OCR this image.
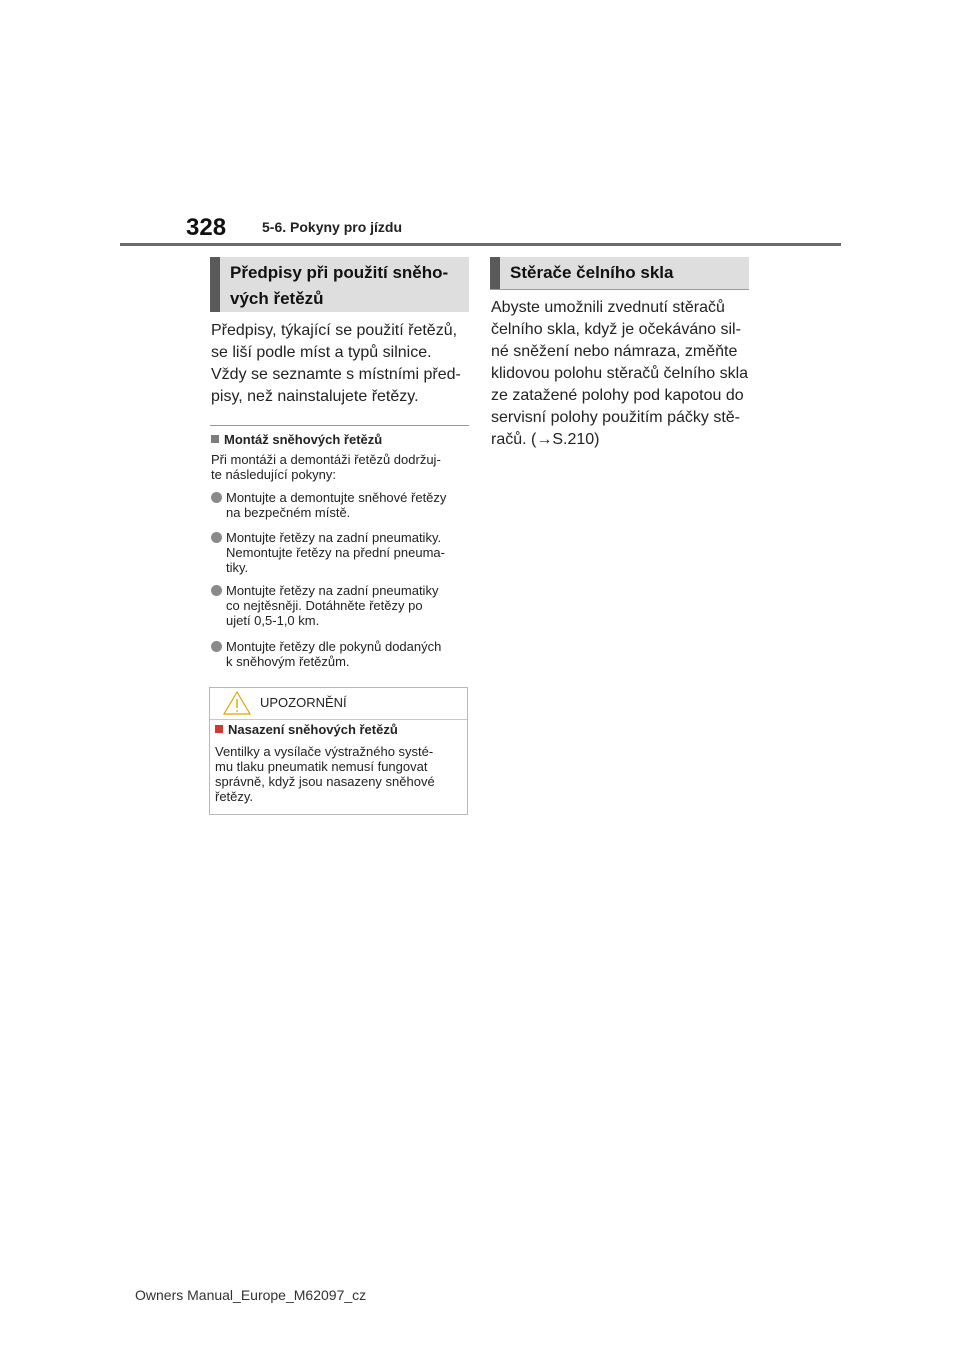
328	5-6. Pokyny pro jízdu
Předpisy při použití sněho-
vých řetězů
Předpisy, týkající se použití řetězů,
se liší podle míst a typů silnice.
Vždy se seznamte s místními před-
pisy, než nainstalujete řetězy.
Montáž sněhových řetězů
Při montáži a demontáži řetězů dodržuj-
te následující pokyny:
Montujte a demontujte sněhové řetězy
na bezpečném místě.
Montujte řetězy na zadní pneumatiky.
Nemontujte řetězy na přední pneuma-
tiky.
Montujte řetězy na zadní pneumatiky
co nejtěsněji. Dotáhněte řetězy po
ujetí 0,5-1,0 km.
Montujte řetězy dle pokynů dodaných
k sněhovým řetězům.
UPOZORNĚNÍ
Nasazení sněhových řetězů
Ventilky a vysílače výstražného systé-
mu tlaku pneumatik nemusí fungovat
správně, když jsou nasazeny sněhové
řetězy.
Stěrače čelního skla
Abyste umožnili zvednutí stěračů
čelního skla, když je očekáváno sil-
né sněžení nebo námraza, změňte
klidovou polohu stěračů čelního skla
ze zatažené polohy pod kapotou do
servisní polohy použitím páčky stě-
račů. (→S.210)
Owners Manual_Europe_M62097_cz
